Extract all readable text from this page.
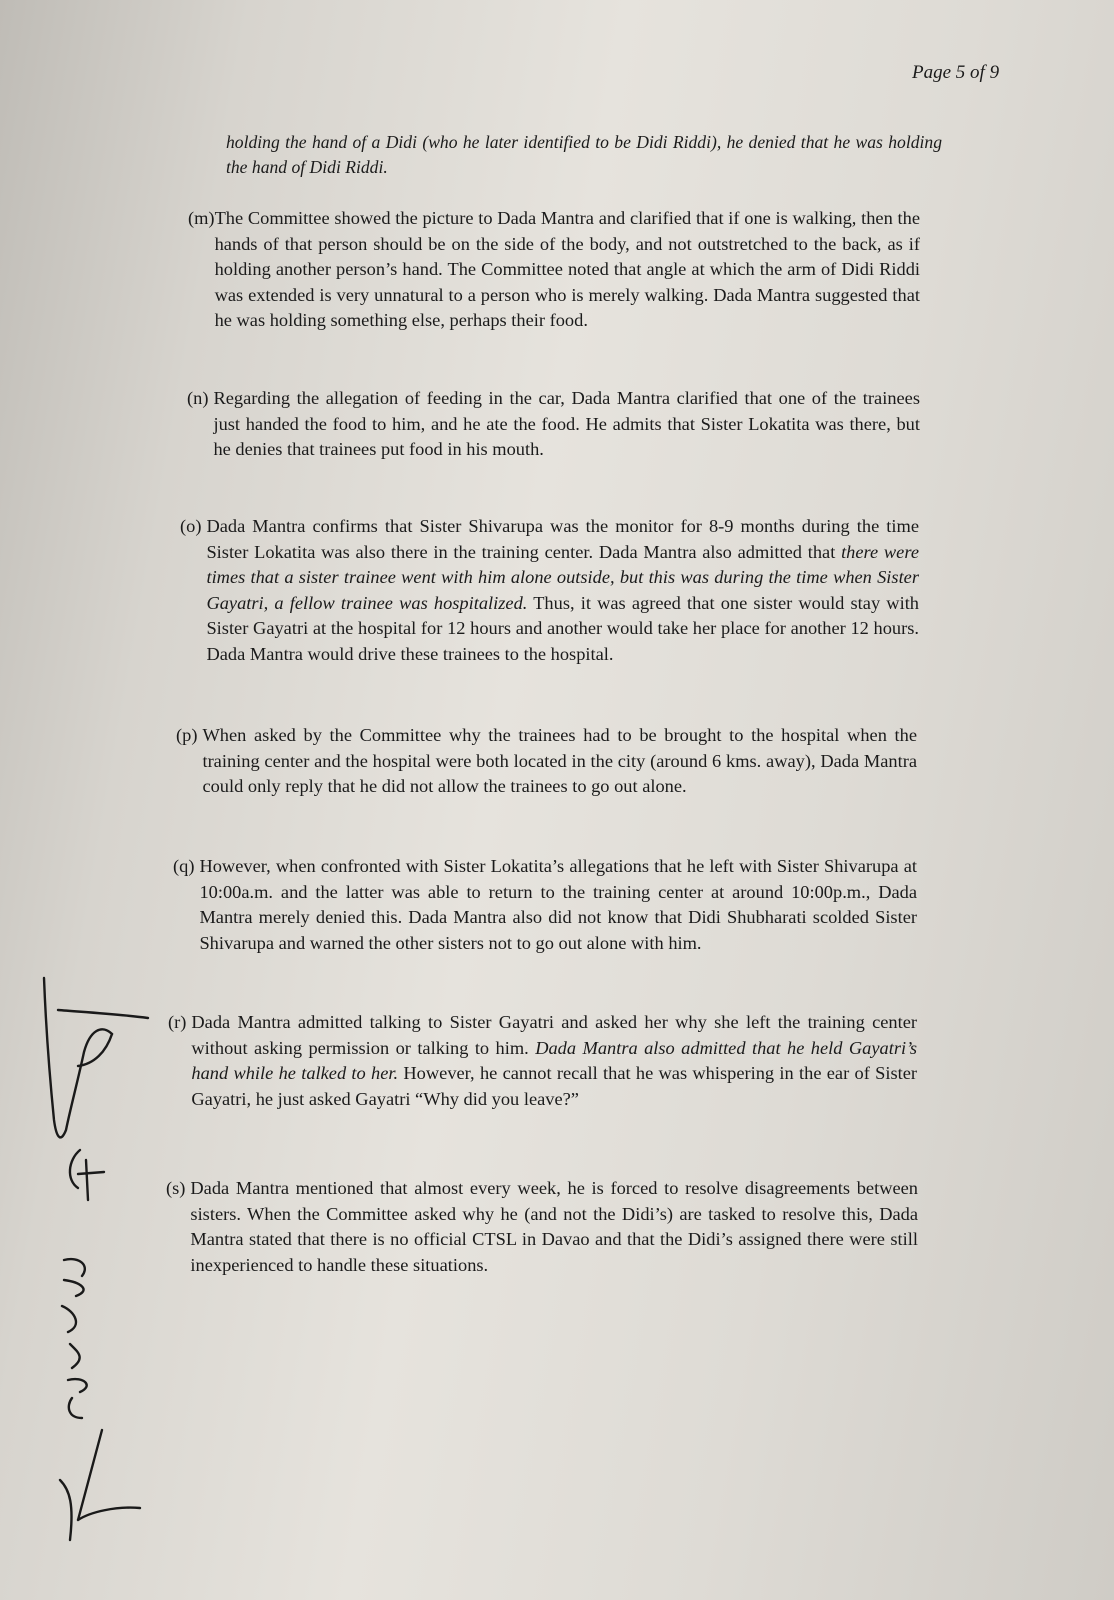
Page 5 of 9
holding the hand of a Didi (who he later identified to be Didi Riddi), he denied that he was holding the hand of Didi Riddi.
(m) The Committee showed the picture to Dada Mantra and clarified that if one is walking, then the hands of that person should be on the side of the body, and not outstretched to the back, as if holding another person’s hand. The Committee noted that angle at which the arm of Didi Riddi was extended is very unnatural to a person who is merely walking. Dada Mantra suggested that he was holding something else, perhaps their food.
(n) Regarding the allegation of feeding in the car, Dada Mantra clarified that one of the trainees just handed the food to him, and he ate the food. He admits that Sister Lokatita was there, but he denies that trainees put food in his mouth.
(o) Dada Mantra confirms that Sister Shivarupa was the monitor for 8-9 months during the time Sister Lokatita was also there in the training center. Dada Mantra also admitted that there were times that a sister trainee went with him alone outside, but this was during the time when Sister Gayatri, a fellow trainee was hospitalized. Thus, it was agreed that one sister would stay with Sister Gayatri at the hospital for 12 hours and another would take her place for another 12 hours. Dada Mantra would drive these trainees to the hospital.
(p) When asked by the Committee why the trainees had to be brought to the hospital when the training center and the hospital were both located in the city (around 6 kms. away), Dada Mantra could only reply that he did not allow the trainees to go out alone.
(q) However, when confronted with Sister Lokatita’s allegations that he left with Sister Shivarupa at 10:00a.m. and the latter was able to return to the training center at around 10:00p.m., Dada Mantra merely denied this. Dada Mantra also did not know that Didi Shubharati scolded Sister Shivarupa and warned the other sisters not to go out alone with him.
(r) Dada Mantra admitted talking to Sister Gayatri and asked her why she left the training center without asking permission or talking to him. Dada Mantra also admitted that he held Gayatri’s hand while he talked to her. However, he cannot recall that he was whispering in the ear of Sister Gayatri, he just asked Gayatri “Why did you leave?”
(s) Dada Mantra mentioned that almost every week, he is forced to resolve disagreements between sisters. When the Committee asked why he (and not the Didi’s) are tasked to resolve this, Dada Mantra stated that there is no official CTSL in Davao and that the Didi’s assigned there were still inexperienced to handle these situations.
